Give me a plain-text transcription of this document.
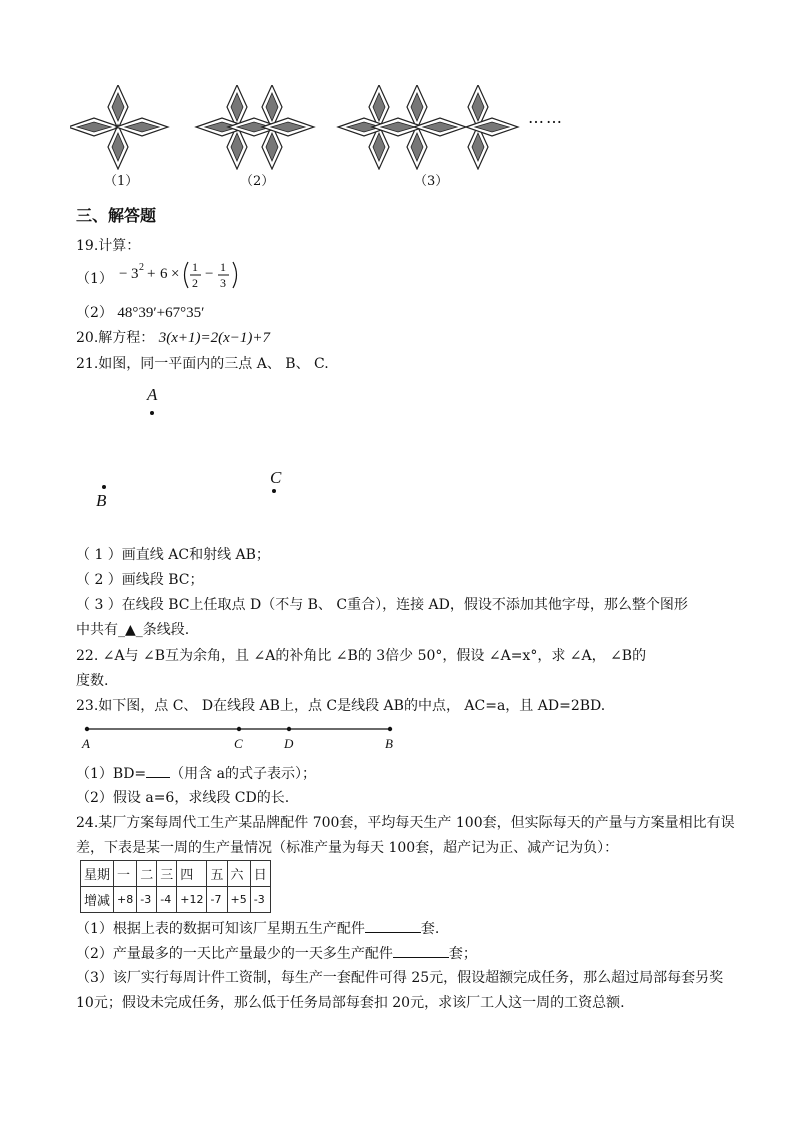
……
（1）	（2）	（3）
三、解答题
19.计算：
（1） − 3 2 + 6 × 1
2
− 1
3
（2） 48°39′+67°35′
20.解方程： 3(x+1)=2(x−1)+7
21.如图，同一平面内的三点 A、 B、 C.
A
B
C
（ 1 ）画直线 AC和射线 AB；
（ 2 ）画线段 BC；
（ 3 ）在线段 BC上任取点 D（不与 B、 C重合），连接 AD，假设不添加其他字母，那么整个图形
中共有_▲_条线段.
22. ∠A与 ∠B互为余角，且 ∠A的补角比 ∠B的 3倍少 50°，假设 ∠A=x°，求 ∠A， ∠B的
度数.
23.如下图，点 C、 D在线段 AB上，点 C是线段 AB的中点， AC=a，且 AD=2BD.
A	C	D	B
（1）BD= （用含 a的式子表示）；
（2）假设 a=6，求线段 CD的长.
24.某厂方案每周代工生产某品牌配件 700套，平均每天生产 100套，但实际每天的产量与方案量相比有误
差，下表是某一周的生产量情况（标准产量为每天 100套，超产记为正、减产记为负）：
星期	一	二	三	四	五	六	日
增减	+8	-3	-4	+12	-7	+5	-3
（1）根据上表的数据可知该厂星期五生产配件	套.
（2）产量最多的一天比产量最少的一天多生产配件	套；
（3）该厂实行每周计件工资制，每生产一套配件可得 25元，假设超额完成任务，那么超过局部每套另奖
10元；假设未完成任务，那么低于任务局部每套扣 20元，求该厂工人这一周的工资总额.
